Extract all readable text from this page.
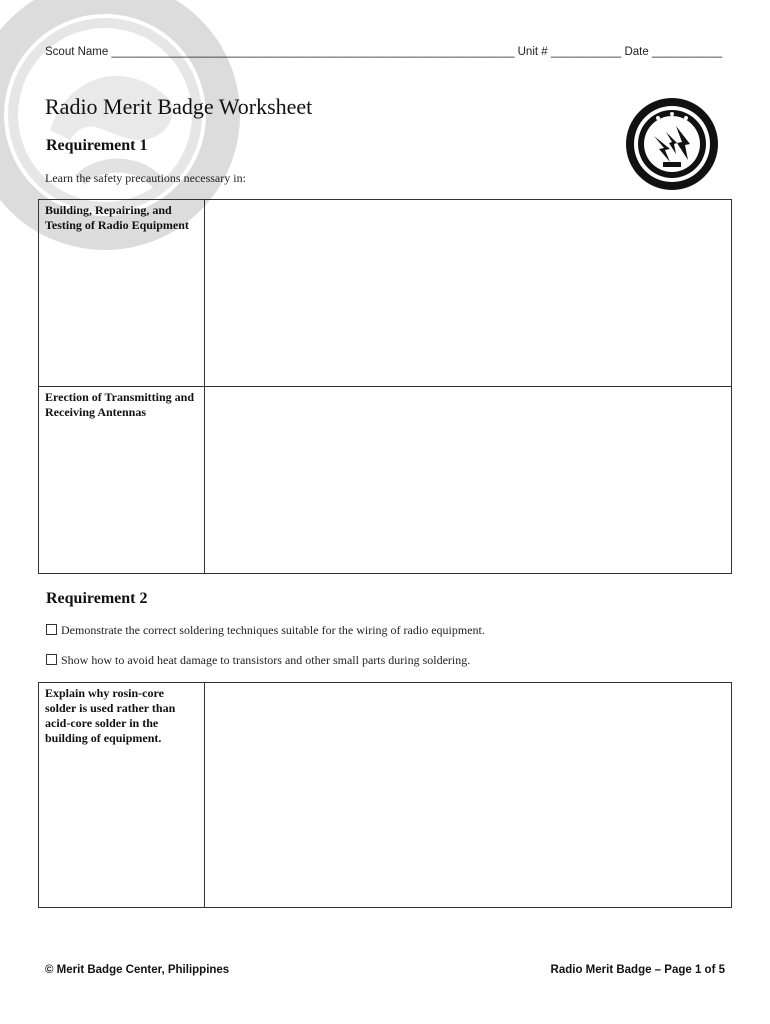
Scout Name _______________________________________________________________ Unit # ___________ Date ___________
Radio Merit Badge Worksheet
Requirement 1
Learn the safety precautions necessary in:
Building, Repairing, and Testing of Radio Equipment	
Erection of Transmitting and Receiving Antennas	
Requirement 2
Demonstrate the correct soldering techniques suitable for the wiring of radio equipment.
Show how to avoid heat damage to transistors and other small parts during soldering.
Explain why rosin-core solder is used rather than acid-core solder in the building of equipment.	
© Merit Badge Center, Philippines	Radio Merit Badge – Page 1 of 5
